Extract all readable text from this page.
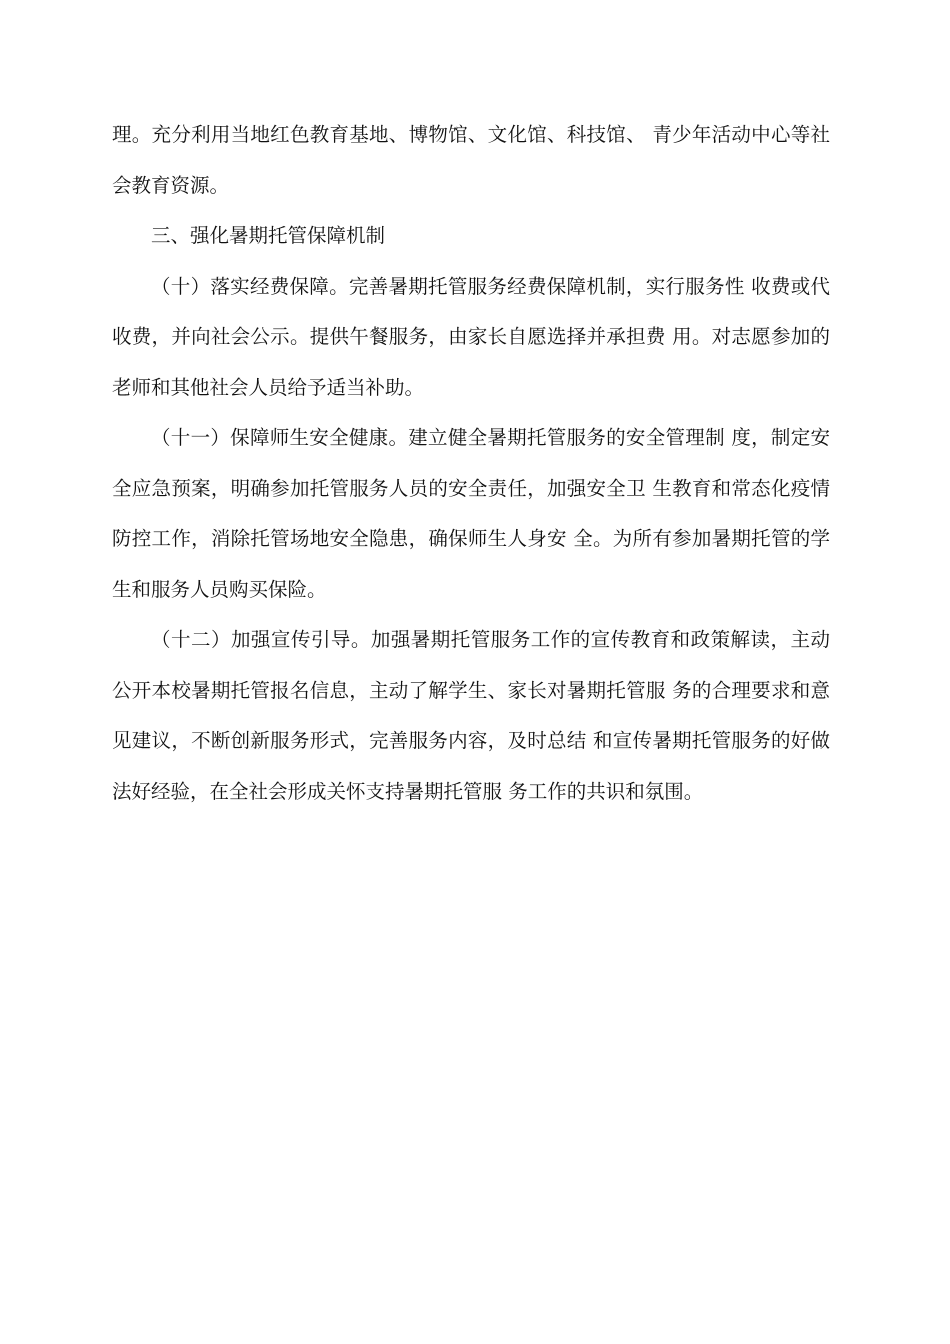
理。充分利用当地红色教育基地、博物馆、文化馆、科技馆、 青少年活动中心等社会教育资源。

三、强化暑期托管保障机制

（十）落实经费保障。完善暑期托管服务经费保障机制，实行服务性 收费或代收费，并向社会公示。提供午餐服务，由家长自愿选择并承担费 用。对志愿参加的老师和其他社会人员给予适当补助。

（十一）保障师生安全健康。建立健全暑期托管服务的安全管理制 度，制定安全应急预案，明确参加托管服务人员的安全责任，加强安全卫 生教育和常态化疫情防控工作，消除托管场地安全隐患，确保师生人身安 全。为所有参加暑期托管的学生和服务人员购买保险。

（十二）加强宣传引导。加强暑期托管服务工作的宣传教育和政策解读，主动公开本校暑期托管报名信息，主动了解学生、家长对暑期托管服 务的合理要求和意见建议，不断创新服务形式，完善服务内容，及时总结 和宣传暑期托管服务的好做法好经验，在全社会形成关怀支持暑期托管服 务工作的共识和氛围。
